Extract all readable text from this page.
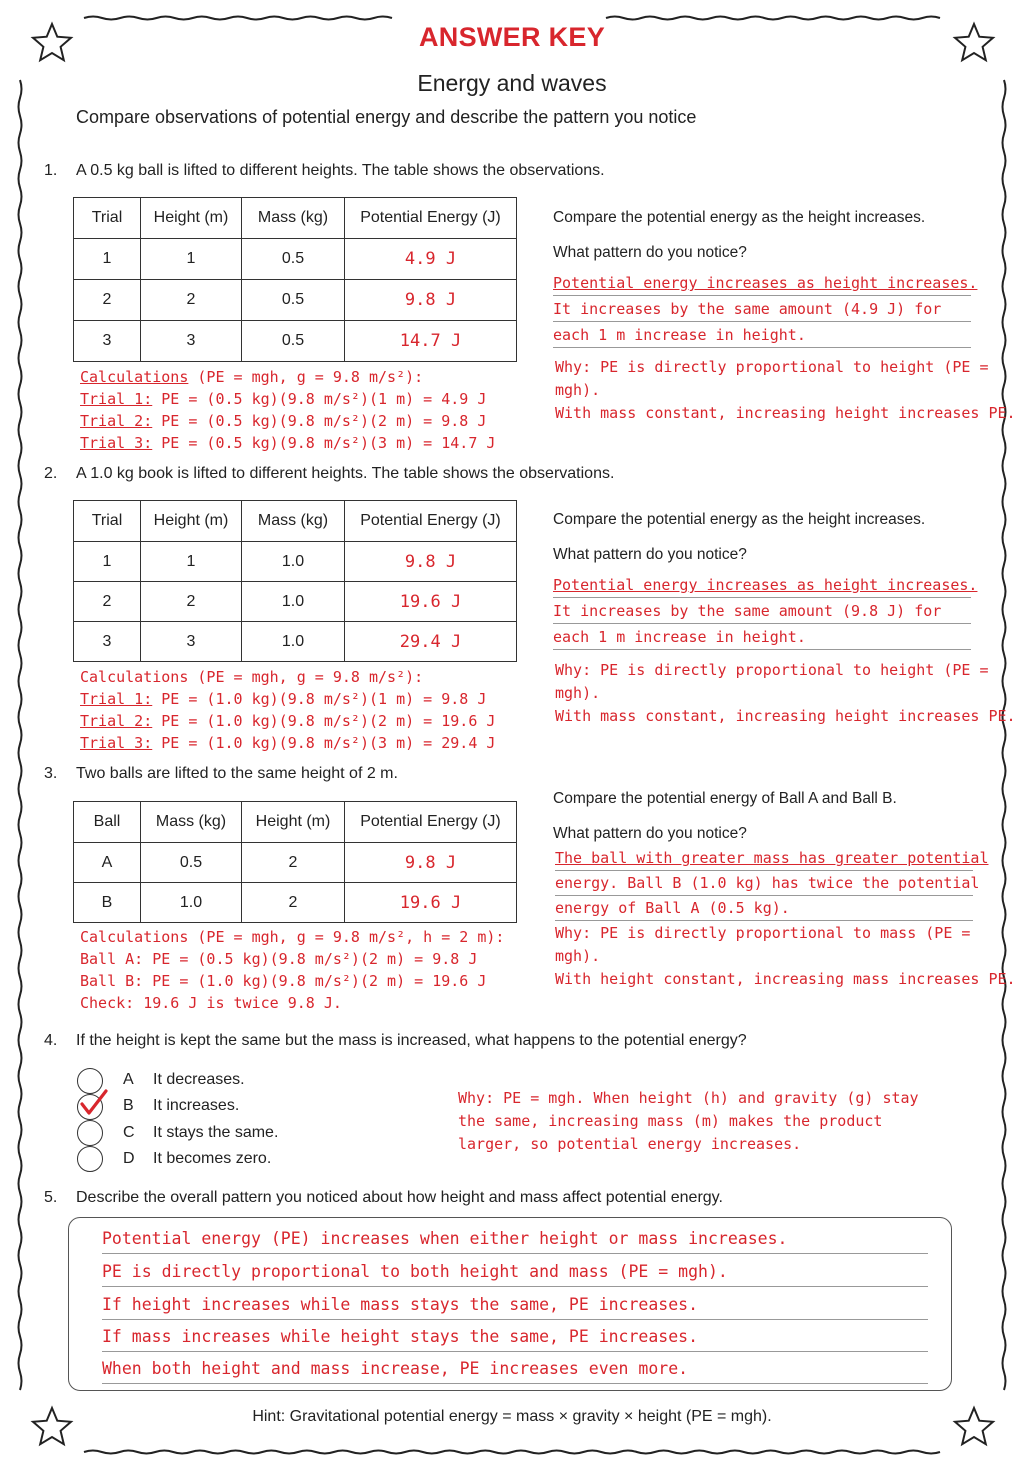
ANSWER KEY
Energy and waves
Compare observations of potential energy and describe the pattern you notice
1. A 0.5 kg ball is lifted to different heights. The table shows the observations.
Trial	Height (m)	Mass (kg)	Potential Energy (J)
1	1	0.5	4.9 J
2	2	0.5	9.8 J
3	3	0.5	14.7 J
Calculations (PE = mgh, g = 9.8 m/s²):
Trial 1: PE = (0.5 kg)(9.8 m/s²)(1 m) = 4.9 J
Trial 2: PE = (0.5 kg)(9.8 m/s²)(2 m) = 9.8 J
Trial 3: PE = (0.5 kg)(9.8 m/s²)(3 m) = 14.7 J
Compare the potential energy as the height increases.
What pattern do you notice?
Potential energy increases as height increases.
It increases by the same amount (4.9 J) for
each 1 m increase in height.
Why: PE is directly proportional to height (PE = mgh).
With mass constant, increasing height increases PE.
2. A 1.0 kg book is lifted to different heights. The table shows the observations.
Trial	Height (m)	Mass (kg)	Potential Energy (J)
1	1	1.0	9.8 J
2	2	1.0	19.6 J
3	3	1.0	29.4 J
Calculations (PE = mgh, g = 9.8 m/s²):
Trial 1: PE = (1.0 kg)(9.8 m/s²)(1 m) = 9.8 J
Trial 2: PE = (1.0 kg)(9.8 m/s²)(2 m) = 19.6 J
Trial 3: PE = (1.0 kg)(9.8 m/s²)(3 m) = 29.4 J
Compare the potential energy as the height increases.
What pattern do you notice?
Potential energy increases as height increases.
It increases by the same amount (9.8 J) for
each 1 m increase in height.
Why: PE is directly proportional to height (PE = mgh).
With mass constant, increasing height increases PE.
3. Two balls are lifted to the same height of 2 m.
Ball	Mass (kg)	Height (m)	Potential Energy (J)
A	0.5	2	9.8 J
B	1.0	2	19.6 J
Calculations (PE = mgh, g = 9.8 m/s², h = 2 m):
Ball A: PE = (0.5 kg)(9.8 m/s²)(2 m) = 9.8 J
Ball B: PE = (1.0 kg)(9.8 m/s²)(2 m) = 19.6 J
Check: 19.6 J is twice 9.8 J.
Compare the potential energy of Ball A and Ball B.
What pattern do you notice?
The ball with greater mass has greater potential
energy. Ball B (1.0 kg) has twice the potential
energy of Ball A (0.5 kg).
Why: PE is directly proportional to mass (PE = mgh).
With height constant, increasing mass increases PE.
4. If the height is kept the same but the mass is increased, what happens to the potential energy?
A It decreases.
B It increases.
C It stays the same.
D It becomes zero.
Why: PE = mgh. When height (h) and gravity (g) stay
the same, increasing mass (m) makes the product
larger, so potential energy increases.
5. Describe the overall pattern you noticed about how height and mass affect potential energy.
Potential energy (PE) increases when either height or mass increases.
PE is directly proportional to both height and mass (PE = mgh).
If height increases while mass stays the same, PE increases.
If mass increases while height stays the same, PE increases.
When both height and mass increase, PE increases even more.
Hint: Gravitational potential energy = mass × gravity × height (PE = mgh).
